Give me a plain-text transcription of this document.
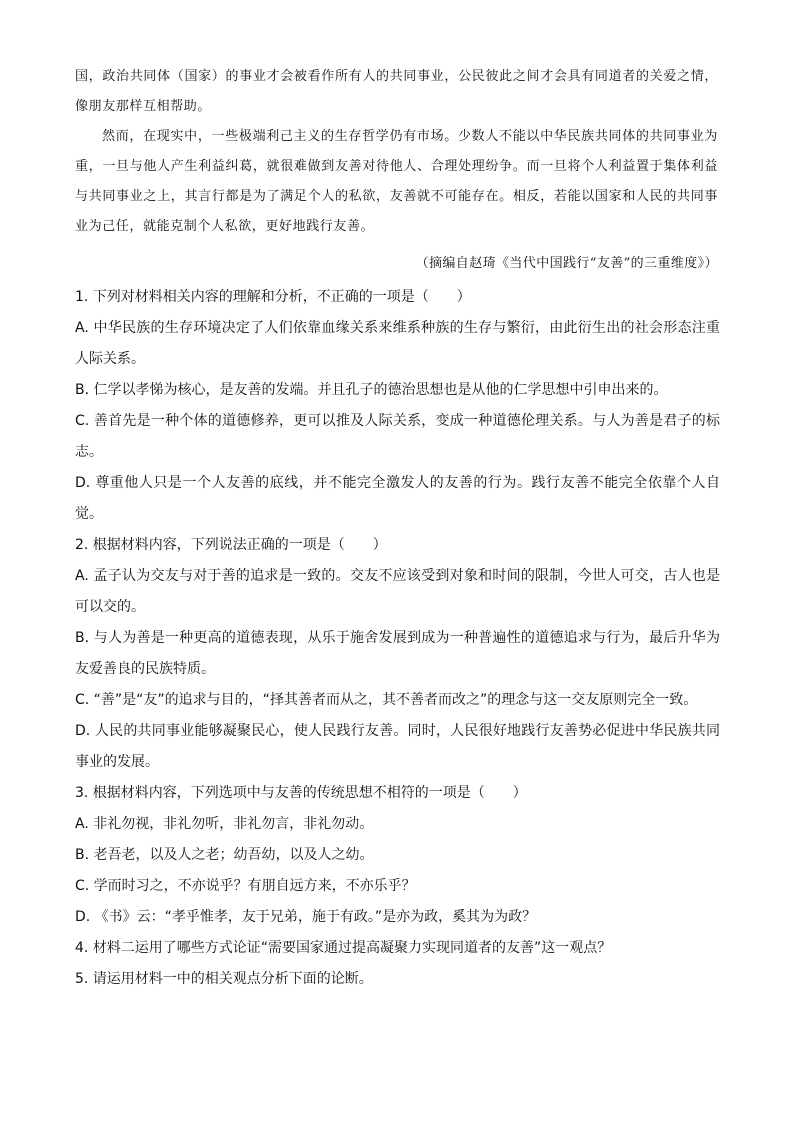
国，政治共同体（国家）的事业才会被看作所有人的共同事业，公民彼此之间才会具有同道者的关爱之情，像朋友那样互相帮助。

然而，在现实中，一些极端利己主义的生存哲学仍有市场。少数人不能以中华民族共同体的共同事业为重，一旦与他人产生利益纠葛，就很难做到友善对待他人、合理处理纷争。而一旦将个人利益置于集体利益与共同事业之上，其言行都是为了满足个人的私欲，友善就不可能存在。相反，若能以国家和人民的共同事业为己任，就能克制个人私欲，更好地践行友善。

（摘编自赵琦《当代中国践行“友善”的三重维度》）

1. 下列对材料相关内容的理解和分析，不正确的一项是（　　）

A. 中华民族的生存环境决定了人们依靠血缘关系来维系种族的生存与繁衍，由此衍生出的社会形态注重人际关系。

B. 仁学以孝悌为核心，是友善的发端。并且孔子的德治思想也是从他的仁学思想中引申出来的。

C. 善首先是一种个体的道德修养，更可以推及人际关系，变成一种道德伦理关系。与人为善是君子的标志。

D. 尊重他人只是一个人友善的底线，并不能完全激发人的友善的行为。践行友善不能完全依靠个人自觉。

2. 根据材料内容，下列说法正确的一项是（　　）

A. 孟子认为交友与对于善的追求是一致的。交友不应该受到对象和时间的限制，今世人可交，古人也是可以交的。

B. 与人为善是一种更高的道德表现，从乐于施舍发展到成为一种普遍性的道德追求与行为，最后升华为友爱善良的民族特质。

C. “善”是“友”的追求与目的，“择其善者而从之，其不善者而改之”的理念与这一交友原则完全一致。

D. 人民的共同事业能够凝聚民心，使人民践行友善。同时，人民很好地践行友善势必促进中华民族共同事业的发展。

3. 根据材料内容，下列选项中与友善的传统思想不相符的一项是（　　）

A. 非礼勿视，非礼勿听，非礼勿言，非礼勿动。

B. 老吾老，以及人之老；幼吾幼，以及人之幼。

C. 学而时习之，不亦说乎？有朋自远方来，不亦乐乎？

D. 《书》云：“孝乎惟孝，友于兄弟，施于有政。”是亦为政，奚其为为政？

4. 材料二运用了哪些方式论证“需要国家通过提高凝聚力实现同道者的友善”这一观点？

5. 请运用材料一中的相关观点分析下面的论断。
